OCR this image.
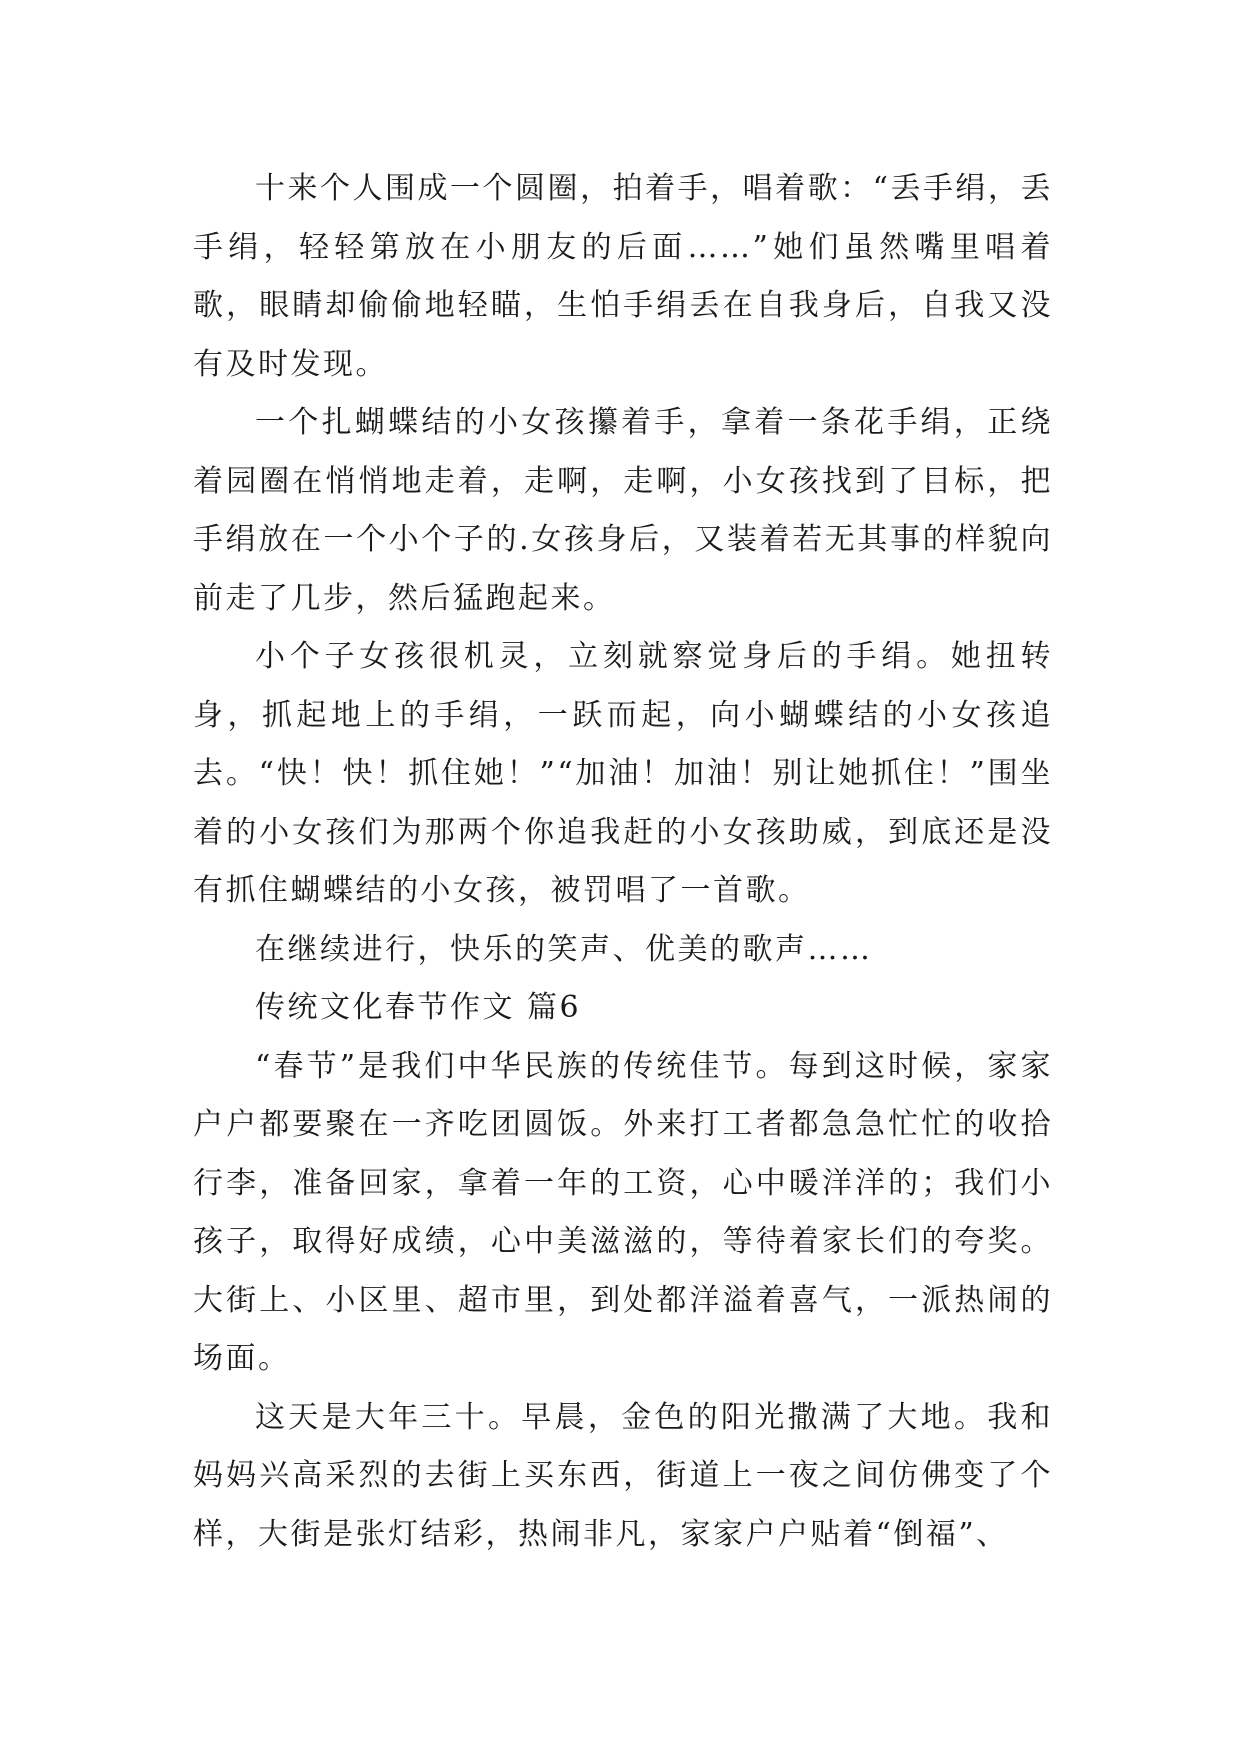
十来个人围成一个圆圈，拍着手，唱着歌：“丢手绢，丢手绢，轻轻第放在小朋友的后面……”她们虽然嘴里唱着歌，眼睛却偷偷地轻瞄，生怕手绢丢在自我身后，自我又没有及时发现。

一个扎蝴蝶结的小女孩攥着手，拿着一条花手绢，正绕着园圈在悄悄地走着，走啊，走啊，小女孩找到了目标，把手绢放在一个小个子的.女孩身后，又装着若无其事的样貌向前走了几步，然后猛跑起来。

小个子女孩很机灵，立刻就察觉身后的手绢。她扭转身，抓起地上的手绢，一跃而起，向小蝴蝶结的小女孩追去。“快！快！抓住她！”“加油！加油！别让她抓住！”围坐着的小女孩们为那两个你追我赶的小女孩助威，到底还是没有抓住蝴蝶结的小女孩，被罚唱了一首歌。

在继续进行，快乐的笑声、优美的歌声……

传统文化春节作文 篇6

“春节”是我们中华民族的传统佳节。每到这时候，家家户户都要聚在一齐吃团圆饭。外来打工者都急急忙忙的收拾行李，准备回家，拿着一年的工资，心中暖洋洋的；我们小孩子，取得好成绩，心中美滋滋的，等待着家长们的夸奖。大街上、小区里、超市里，到处都洋溢着喜气，一派热闹的场面。

这天是大年三十。早晨，金色的阳光撒满了大地。我和妈妈兴高采烈的去街上买东西，街道上一夜之间仿佛变了个样，大街是张灯结彩，热闹非凡，家家户户贴着“倒福”、
